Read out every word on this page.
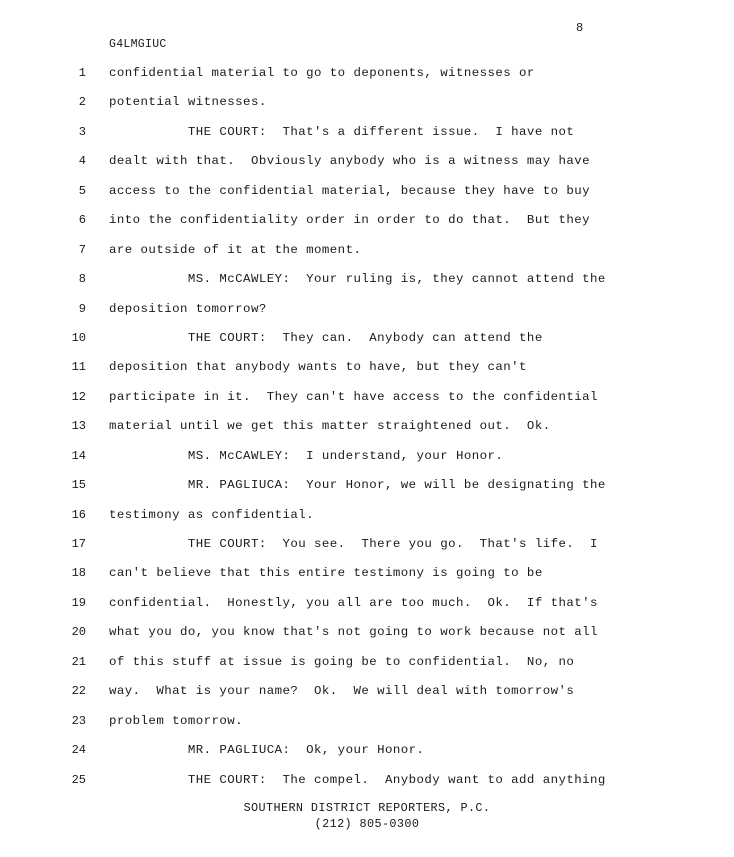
8
G4LMGIUC
1 confidential material to go to deponents, witnesses or
2 potential witnesses.
3 THE COURT:  That's a different issue.  I have not
4 dealt with that.  Obviously anybody who is a witness may have
5 access to the confidential material, because they have to buy
6 into the confidentiality order in order to do that.  But they
7 are outside of it at the moment.
8 MS. McCAWLEY:  Your ruling is, they cannot attend the
9 deposition tomorrow?
10 THE COURT:  They can.  Anybody can attend the
11 deposition that anybody wants to have, but they can't
12 participate in it.  They can't have access to the confidential
13 material until we get this matter straightened out.  Ok.
14 MS. McCAWLEY:  I understand, your Honor.
15 MR. PAGLIUCA:  Your Honor, we will be designating the
16 testimony as confidential.
17 THE COURT:  You see.  There you go.  That's life.  I
18 can't believe that this entire testimony is going to be
19 confidential.  Honestly, you all are too much.  Ok.  If that's
20 what you do, you know that's not going to work because not all
21 of this stuff at issue is going be to confidential.  No, no
22 way.  What is your name?  Ok.  We will deal with tomorrow's
23 problem tomorrow.
24 MR. PAGLIUCA:  Ok, your Honor.
25 THE COURT:  The compel.  Anybody want to add anything
SOUTHERN DISTRICT REPORTERS, P.C.
(212) 805-0300
